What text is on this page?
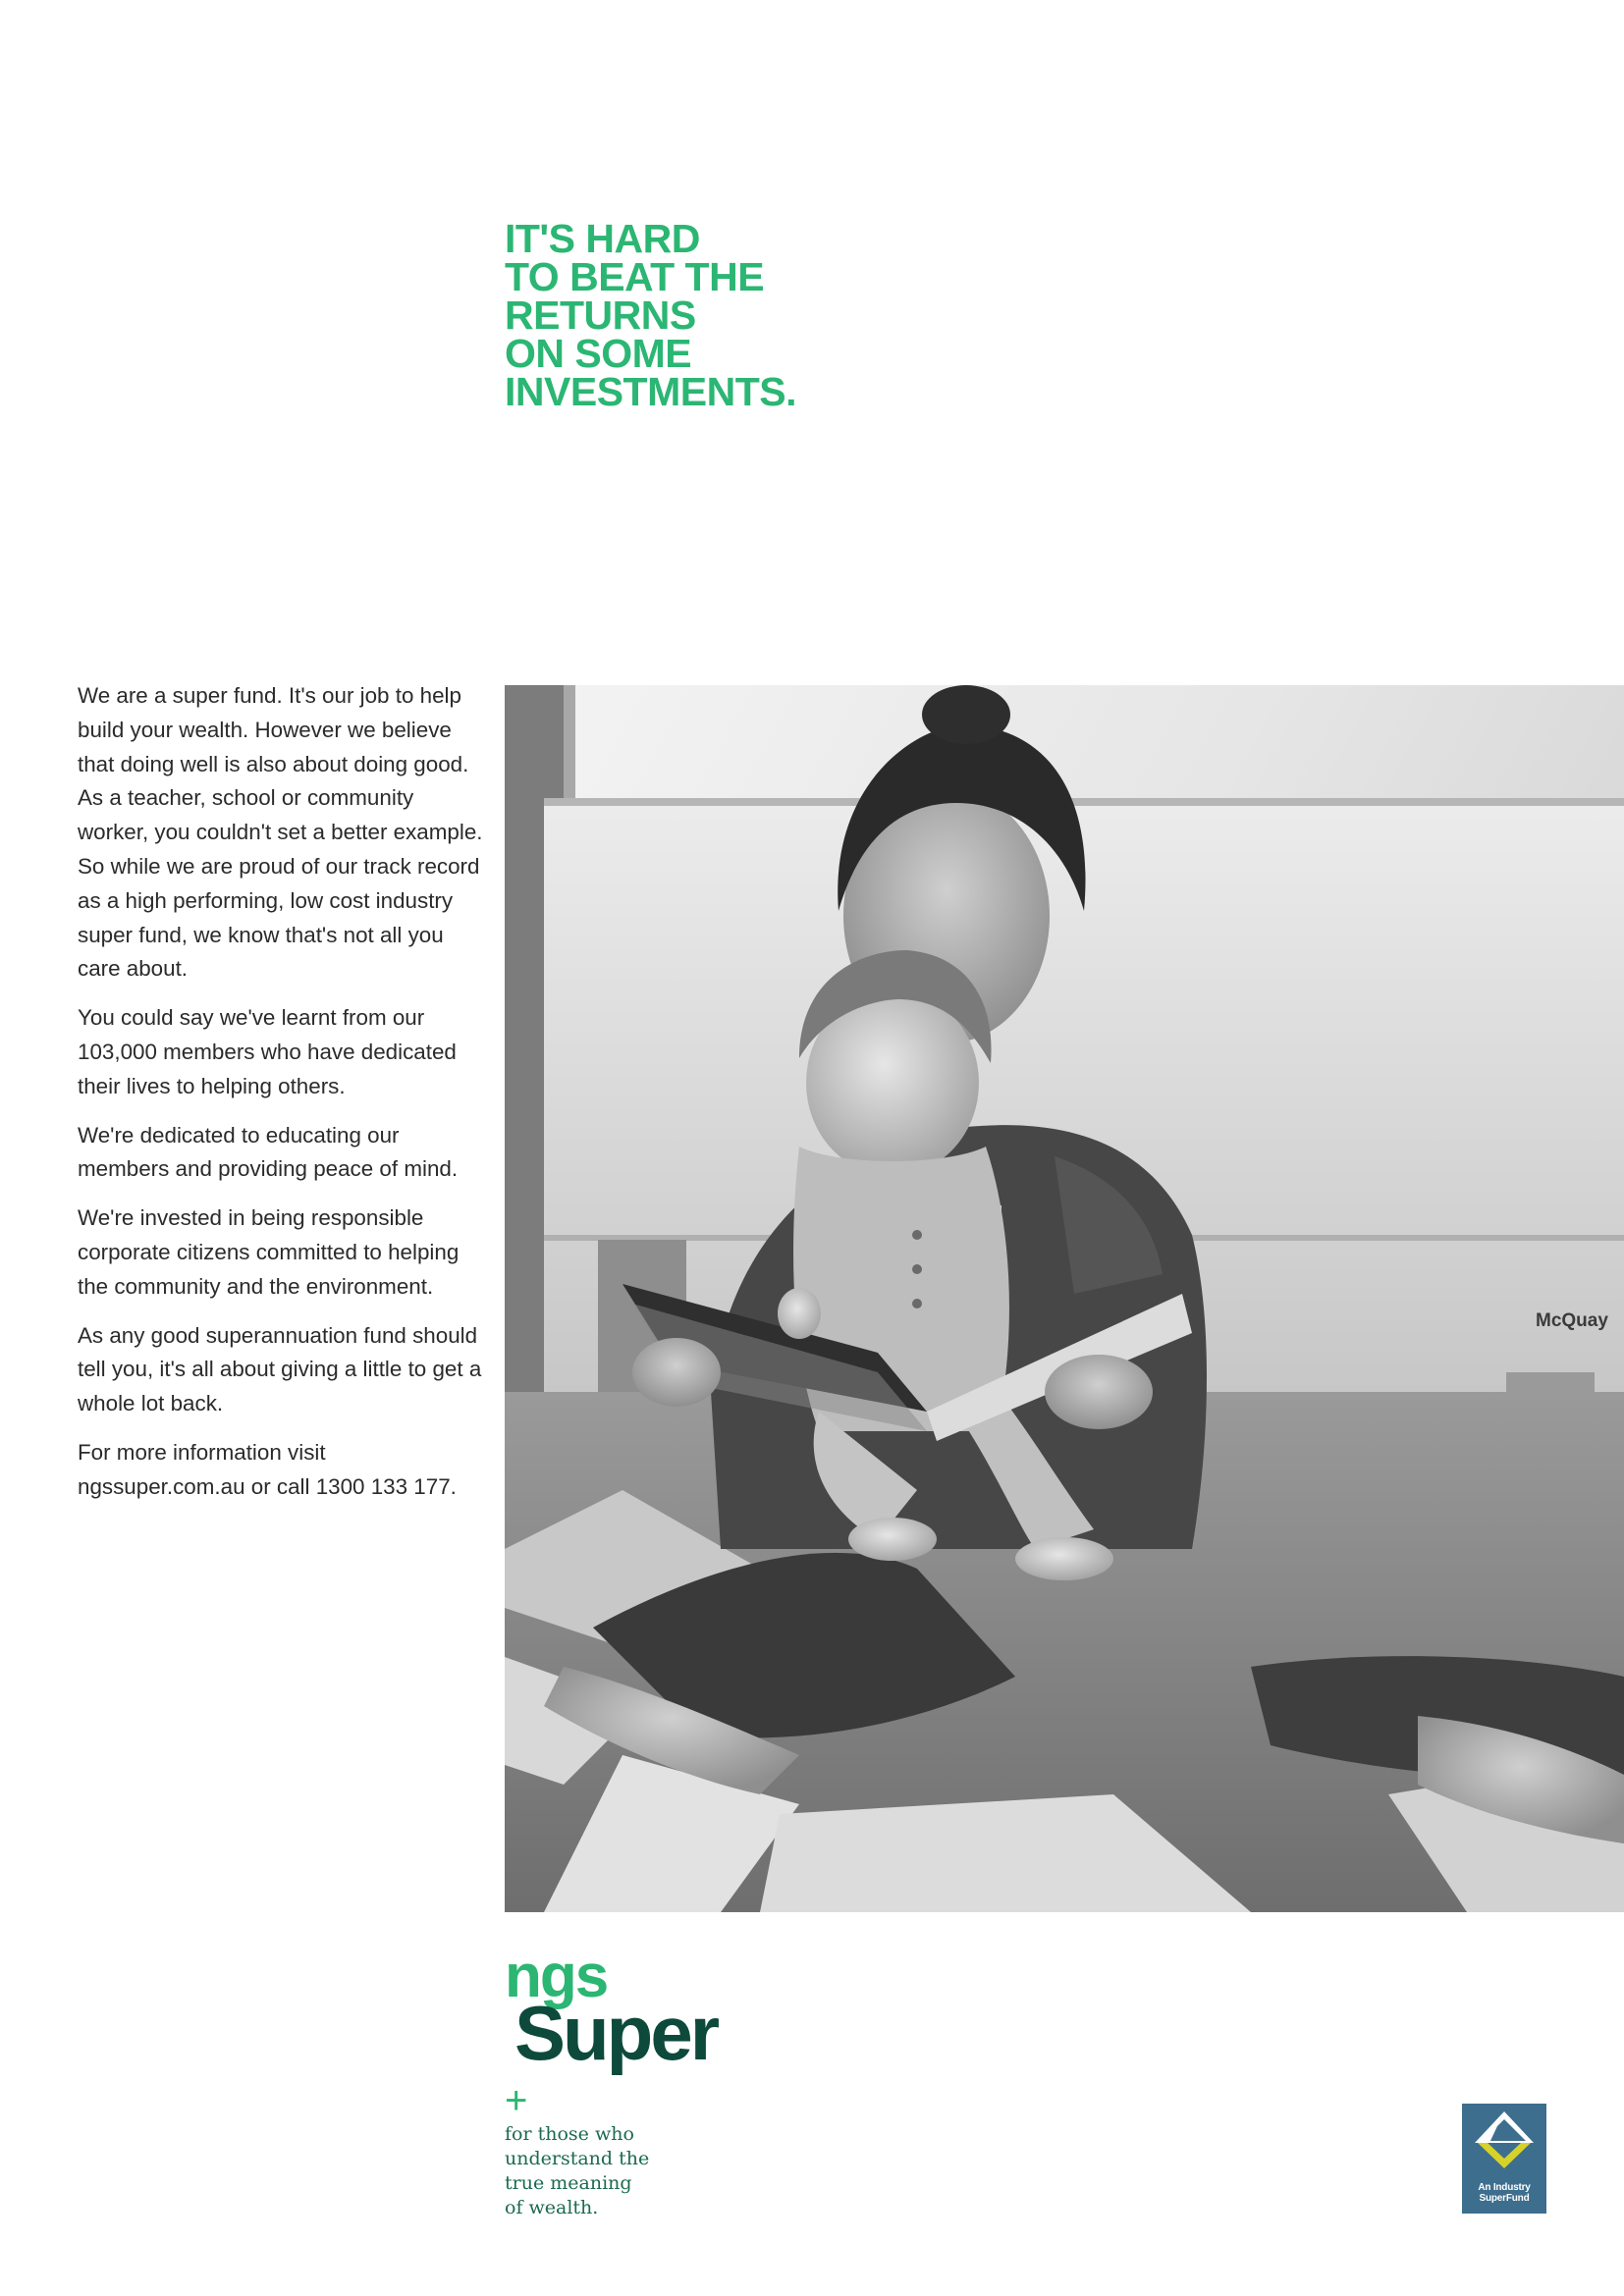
IT'S HARD
TO BEAT THE
RETURNS
ON SOME
INVESTMENTS.

We are a super fund. It's our job to help build your wealth. However we believe that doing well is also about doing good. As a teacher, school or community worker, you couldn't set a better example. So while we are proud of our track record as a high performing, low cost industry super fund, we know that's not all you care about.

You could say we've learnt from our 103,000 members who have dedicated their lives to helping others.

We're dedicated to educating our members and providing peace of mind.

We're invested in being responsible corporate citizens committed to helping the community and the environment.

As any good superannuation fund should tell you, it's all about giving a little to get a whole lot back.

For more information visit ngssuper.com.au or call 1300 133 177.

McQuay
ngs
Super
+

for those who
understand the
true meaning
of wealth.

An Industry
SuperFund
